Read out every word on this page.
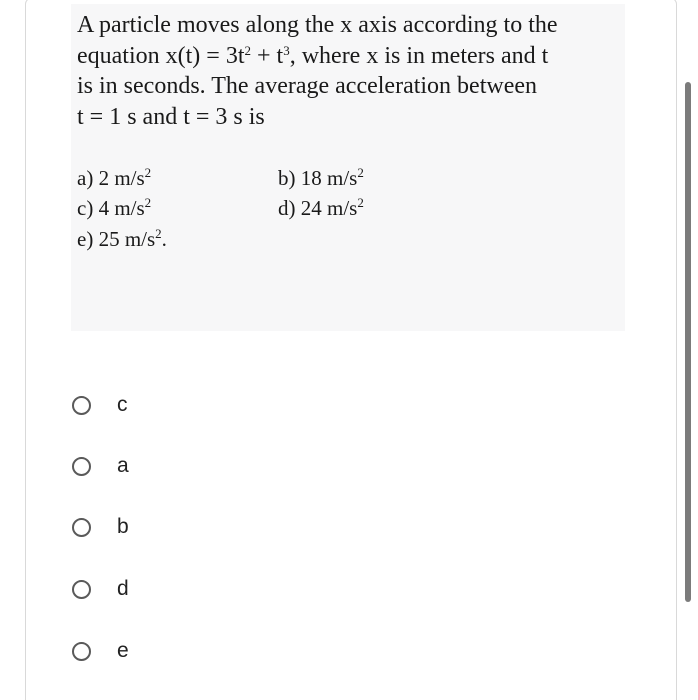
A particle moves along the x axis according to the
equation $x(t) = 3t^2 + t^3$, where x is in meters and t
is in seconds. The average acceleration between
t = 1 s and t = 3 s is

a) 2 $m/s^2$	b) 18 $m/s^2$
c) 4 $m/s^2$	d) 24 $m/s^2$
e) 25 $m/s^2$.
c
a
b
d
e
